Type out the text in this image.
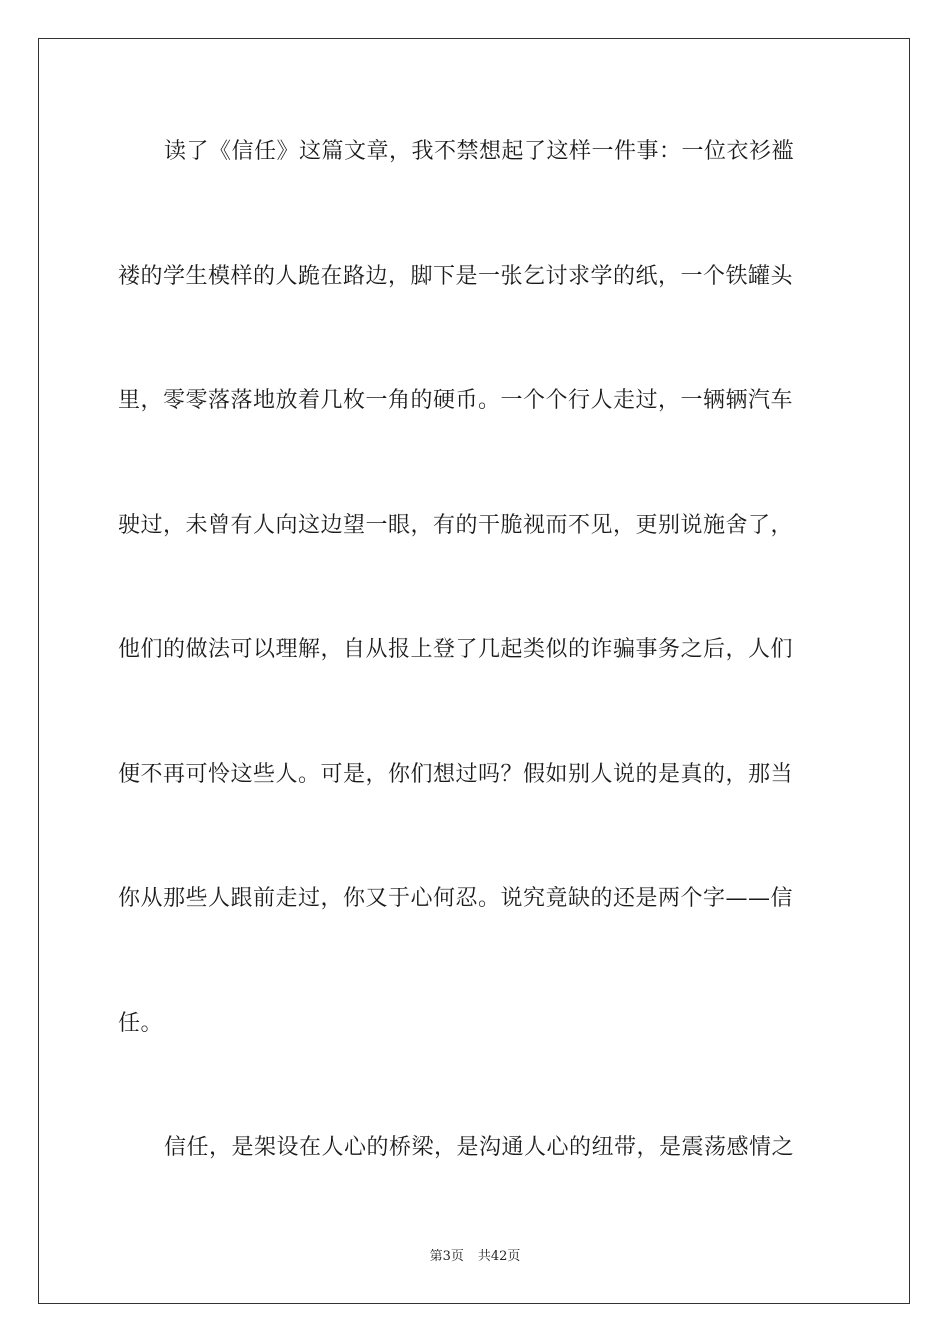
读了《信任》这篇文章，我不禁想起了这样一件事：一位衣衫褴
褛的学生模样的人跪在路边，脚下是一张乞讨求学的纸，一个铁罐头
里，零零落落地放着几枚一角的硬币。一个个行人走过，一辆辆汽车
驶过，未曾有人向这边望一眼，有的干脆视而不见，更别说施舍了，
他们的做法可以理解，自从报上登了几起类似的诈骗事务之后，人们
便不再可怜这些人。可是，你们想过吗？假如别人说的是真的，那当
你从那些人跟前走过，你又于心何忍。说究竟缺的还是两个字——信
任。
信任，是架设在人心的桥梁，是沟通人心的纽带，是震荡感情之
第3页 共42页
